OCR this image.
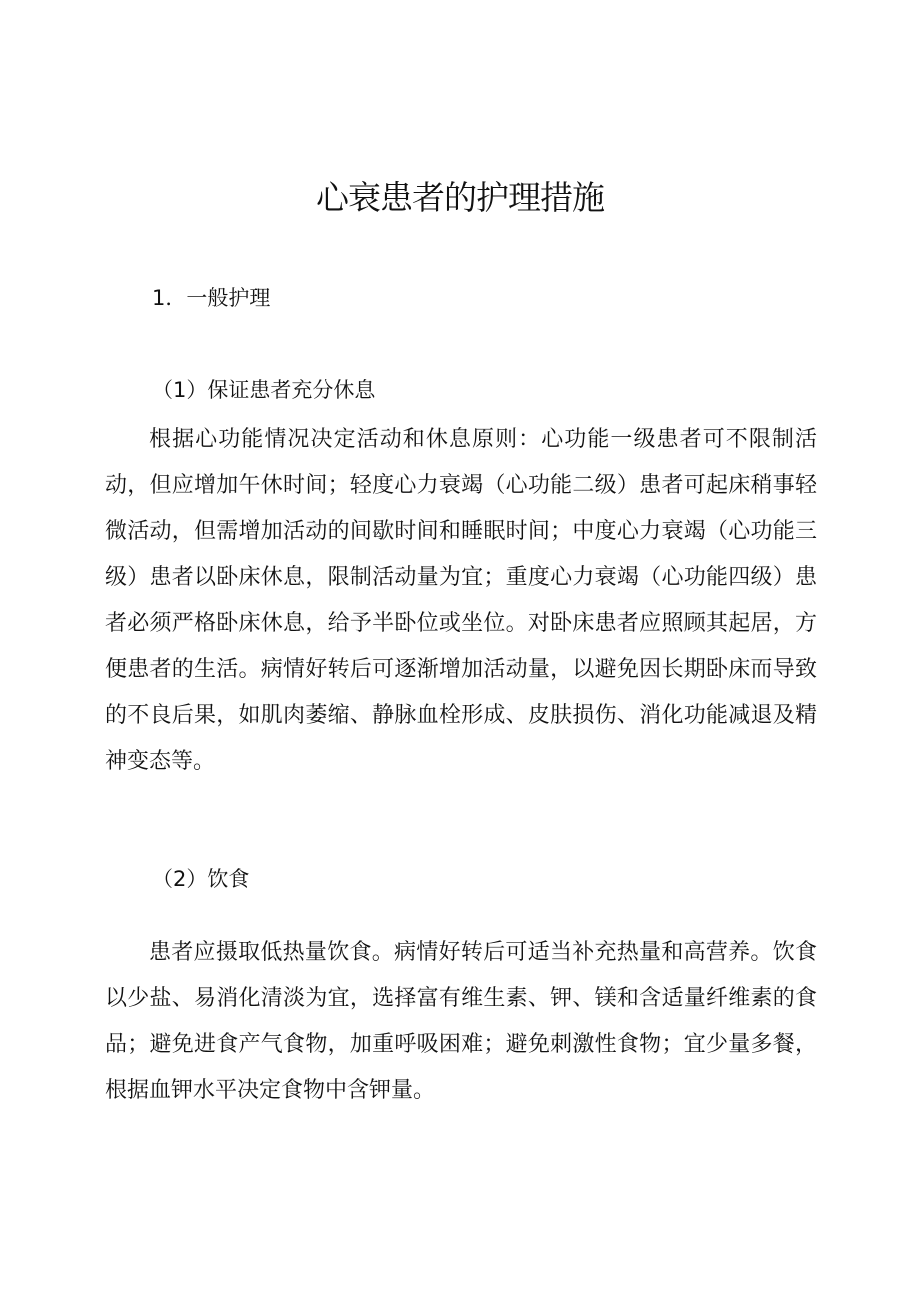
心衰患者的护理措施

1．一般护理

（1）保证患者充分休息

根据心功能情况决定活动和休息原则：心功能一级患者可不限制活动，但应增加午休时间；轻度心力衰竭（心功能二级）患者可起床稍事轻微活动，但需增加活动的间歇时间和睡眠时间；中度心力衰竭（心功能三级）患者以卧床休息，限制活动量为宜；重度心力衰竭（心功能四级）患者必须严格卧床休息，给予半卧位或坐位。对卧床患者应照顾其起居，方便患者的生活。病情好转后可逐渐增加活动量，以避免因长期卧床而导致的不良后果，如肌肉萎缩、静脉血栓形成、皮肤损伤、消化功能减退及精神变态等。

（2）饮食

患者应摄取低热量饮食。病情好转后可适当补充热量和高营养。饮食以少盐、易消化清淡为宜，选择富有维生素、钾、镁和含适量纤维素的食品；避免进食产气食物，加重呼吸困难；避免刺激性食物；宜少量多餐，根据血钾水平决定食物中含钾量。
